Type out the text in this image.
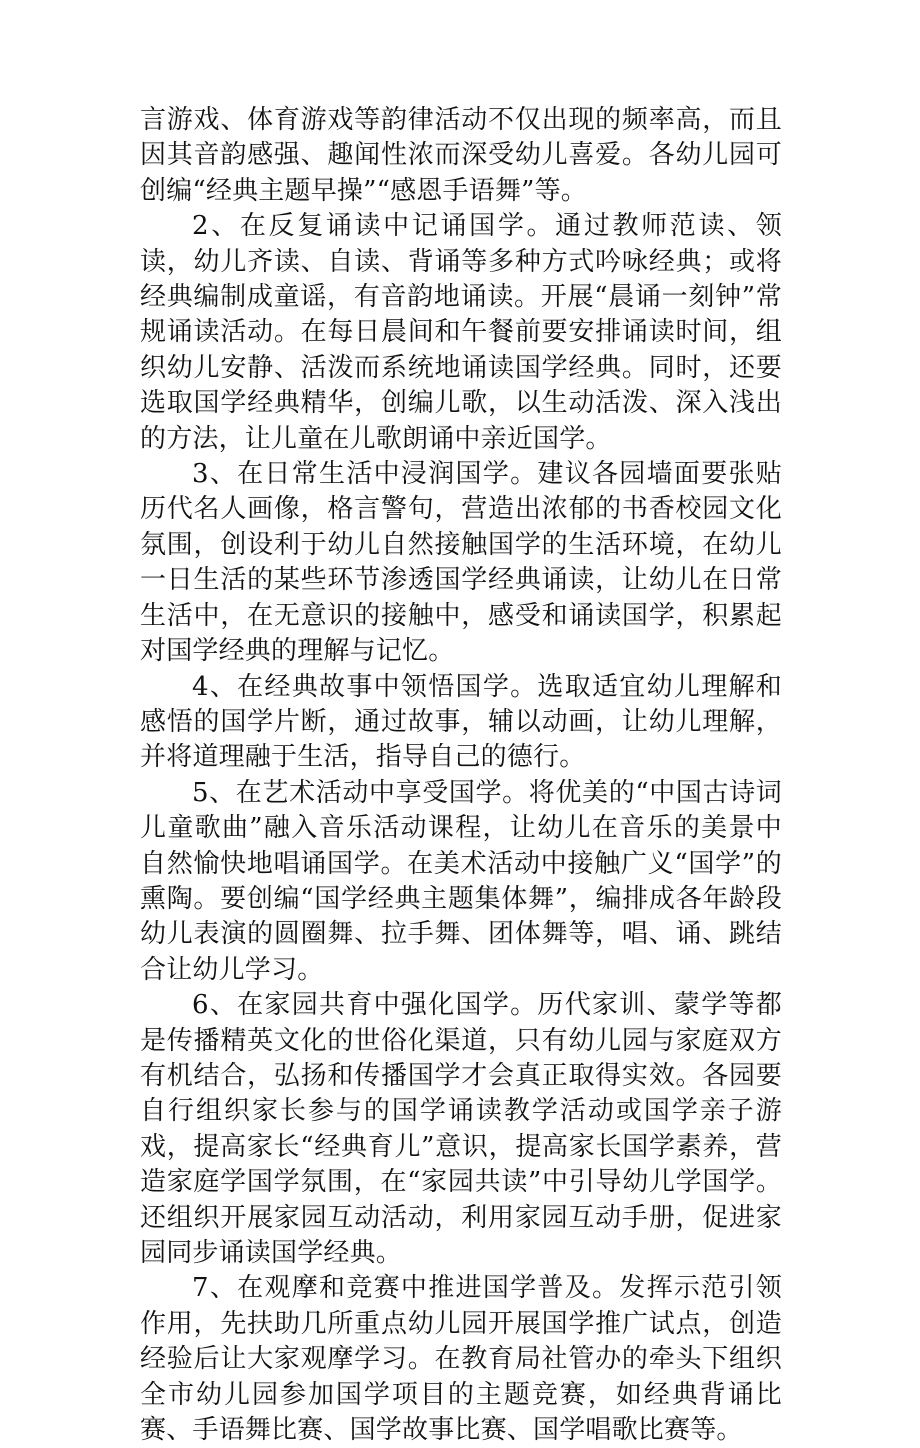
言游戏、体育游戏等韵律活动不仅出现的频率高，而且因其音韵感强、趣闻性浓而深受幼儿喜爱。各幼儿园可创编“经典主题早操”“感恩手语舞”等。

2、在反复诵读中记诵国学。通过教师范读、领读，幼儿齐读、自读、背诵等多种方式吟咏经典；或将经典编制成童谣，有音韵地诵读。开展“晨诵一刻钟”常规诵读活动。在每日晨间和午餐前要安排诵读时间，组织幼儿安静、活泼而系统地诵读国学经典。同时，还要选取国学经典精华，创编儿歌，以生动活泼、深入浅出的方法，让儿童在儿歌朗诵中亲近国学。

3、在日常生活中浸润国学。建议各园墙面要张贴历代名人画像，格言警句，营造出浓郁的书香校园文化氛围，创设利于幼儿自然接触国学的生活环境，在幼儿一日生活的某些环节渗透国学经典诵读，让幼儿在日常生活中，在无意识的接触中，感受和诵读国学，积累起对国学经典的理解与记忆。

4、在经典故事中领悟国学。选取适宜幼儿理解和感悟的国学片断，通过故事，辅以动画，让幼儿理解，并将道理融于生活，指导自己的德行。

5、在艺术活动中享受国学。将优美的“中国古诗词儿童歌曲”融入音乐活动课程，让幼儿在音乐的美景中自然愉快地唱诵国学。在美术活动中接触广义“国学”的熏陶。要创编“国学经典主题集体舞”，编排成各年龄段幼儿表演的圆圈舞、拉手舞、团体舞等，唱、诵、跳结合让幼儿学习。

6、在家园共育中强化国学。历代家训、蒙学等都是传播精英文化的世俗化渠道，只有幼儿园与家庭双方有机结合，弘扬和传播国学才会真正取得实效。各园要自行组织家长参与的国学诵读教学活动或国学亲子游戏，提高家长“经典育儿”意识，提高家长国学素养，营造家庭学国学氛围，在“家园共读”中引导幼儿学国学。还组织开展家园互动活动，利用家园互动手册，促进家园同步诵读国学经典。

7、在观摩和竞赛中推进国学普及。发挥示范引领作用，先扶助几所重点幼儿园开展国学推广试点，创造经验后让大家观摩学习。在教育局社管办的牵头下组织全市幼儿园参加国学项目的主题竞赛，如经典背诵比赛、手语舞比赛、国学故事比赛、国学唱歌比赛等。
